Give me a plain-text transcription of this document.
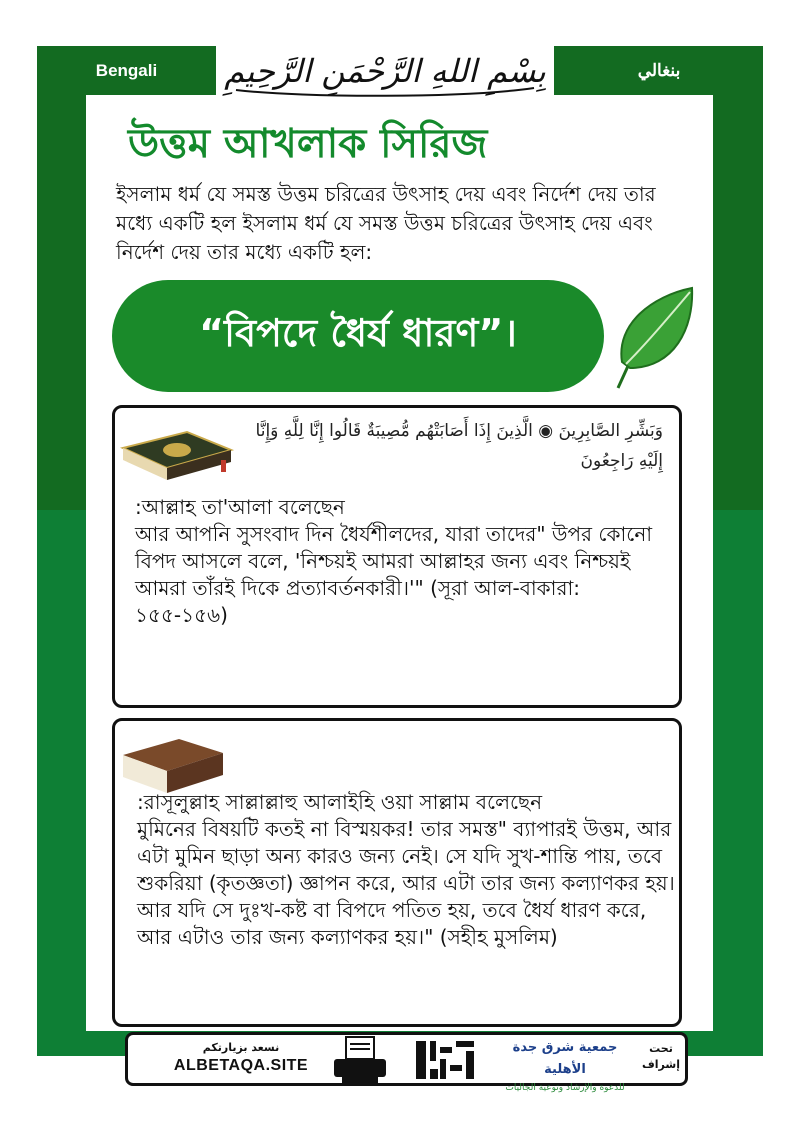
Bengali	بنغالي
بِسْمِ اللهِ الرَّحْمَنِ الرَّحِيمِ
উত্তম আখলাক সিরিজ

ইসলাম ধর্ম যে সমস্ত উত্তম চরিত্রের উৎসাহ দেয় এবং নির্দেশ দেয় তার মধ্যে একটি হল ইসলাম ধর্ম যে সমস্ত উত্তম চরিত্রের উৎসাহ দেয় এবং নির্দেশ দেয় তার মধ্যে একটি হল:

“বিপদে ধৈর্য ধারণ”।

وَبَشِّرِ الصَّابِرِينَ ◉ الَّذِينَ إِذَا أَصَابَتْهُم مُّصِيبَةٌ قَالُوا إِنَّا لِلَّهِ وَإِنَّا إِلَيْهِ رَاجِعُونَ

:আল্লাহ তা'আলা বলেছেন
আর আপনি সুসংবাদ দিন ধৈর্যশীলদের, যারা তাদের" উপর কোনো বিপদ আসলে বলে, 'নিশ্চয়ই আমরা আল্লাহর জন্য এবং নিশ্চয়ই আমরা তাঁরই দিকে প্রত্যাবর্তনকারী।'" (সূরা আল-বাকারা: ১৫৫-১৫৬)

:রাসূলুল্লাহ সাল্লাল্লাহু আলাইহি ওয়া সাল্লাম বলেছেন
মুমিনের বিষয়টি কতই না বিস্ময়কর! তার সমস্ত" ব্যাপারই উত্তম, আর এটা মুমিন ছাড়া অন্য কারও জন্য নেই। সে যদি সুখ-শান্তি পায়, তবে শুকরিয়া (কৃতজ্ঞতা) জ্ঞাপন করে, আর এটা তার জন্য কল্যাণকর হয়। আর যদি সে দুঃখ-কষ্ট বা বিপদে পতিত হয়, তবে ধৈর্য ধারণ করে, আর এটাও তার জন্য কল্যাণকর হয়।" (সহীহ মুসলিম)

نسعد بزيارتكم

ALBETAQA.SITE

جمعية شرق جدة الأهلية
للدعوة والإرشاد وتوعية الجاليات

تحت إشراف
